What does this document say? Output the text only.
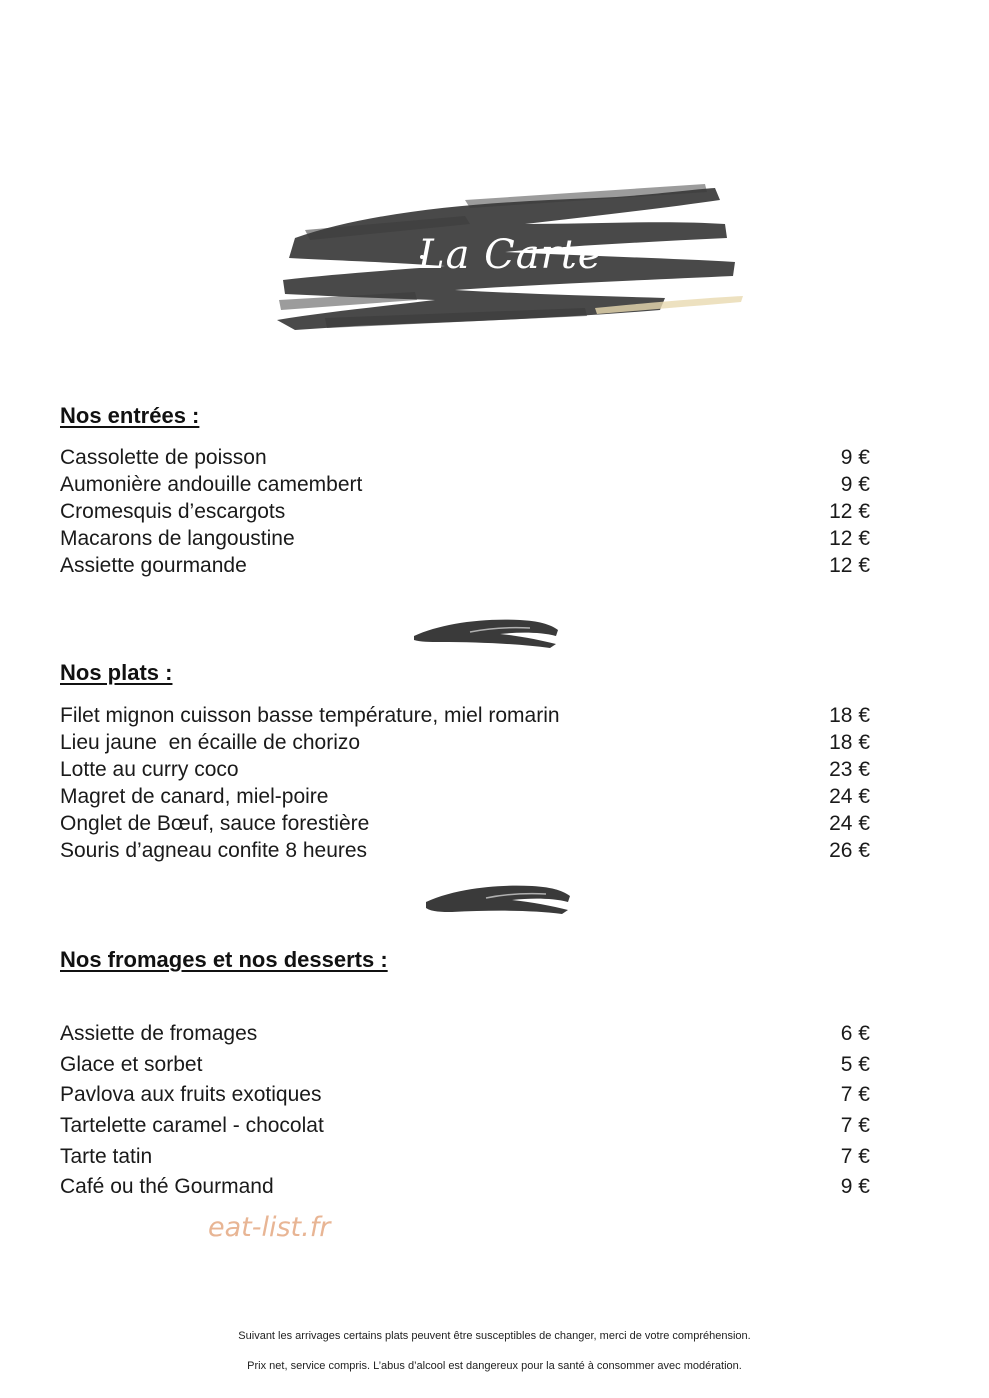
La Carte
Nos entrées :
Cassolette de poisson	9 €
Aumonière andouille camembert	9 €
Cromesquis d’escargots	12 €
Macarons de langoustine	12 €
Assiette gourmande	12 €
Nos plats :
Filet mignon cuisson basse température, miel romarin	18 €
Lieu jaune  en écaille de chorizo	18 €
Lotte au curry coco	23 €
Magret de canard, miel-poire	24 €
Onglet de Bœuf, sauce forestière	24 €
Souris d’agneau confite 8 heures	26 €
Nos fromages et nos desserts :
Assiette de fromages	6 €
Glace et sorbet	5 €
Pavlova aux fruits exotiques	7 €
Tartelette caramel - chocolat	7 €
Tarte tatin	7 €
Café ou thé Gourmand	9 €
eat-list.fr
Suivant les arrivages certains plats peuvent être susceptibles de changer, merci de votre compréhension.
Prix net, service compris. L’abus d’alcool est dangereux pour la santé à consommer avec modération.
